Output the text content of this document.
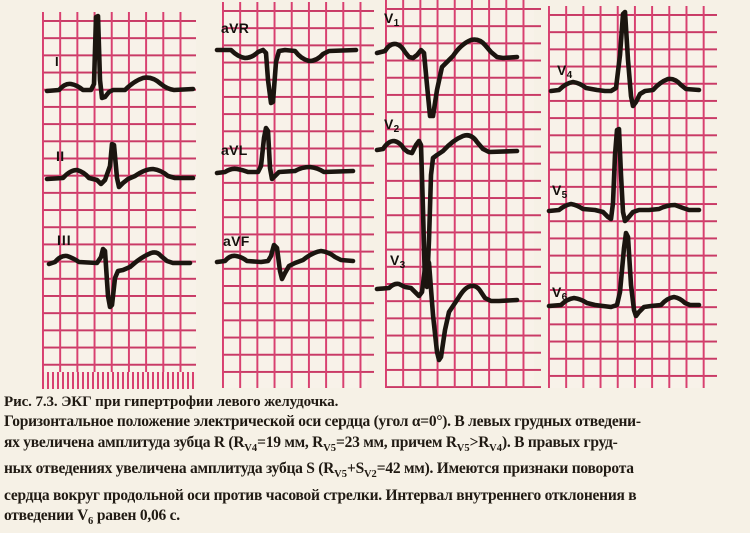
I
II
III
aVR
aVL
aVF
$V_1$
$V_2$
$V_3$
$V_4$
$V_5$
$V_6$

Рис. 7.3. ЭКГ при гипертрофии левого желудочка.

Горизонтальное положение электрической оси сердца (угол α=0°). В левых грудных отведени-

ях увеличена амплитуда зубца R ($R_{V4}=19$ мм, $R_{V5}=23$ мм, причем $R_{V5}>R_{V4}$). В правых груд-

ных отведениях увеличена амплитуда зубца S ($R_{V5}+S_{V2}=42$ мм). Имеются признаки поворота

сердца вокруг продольной оси против часовой стрелки. Интервал внутреннего отклонения в

отведении $V_6$ равен 0,06 с.
